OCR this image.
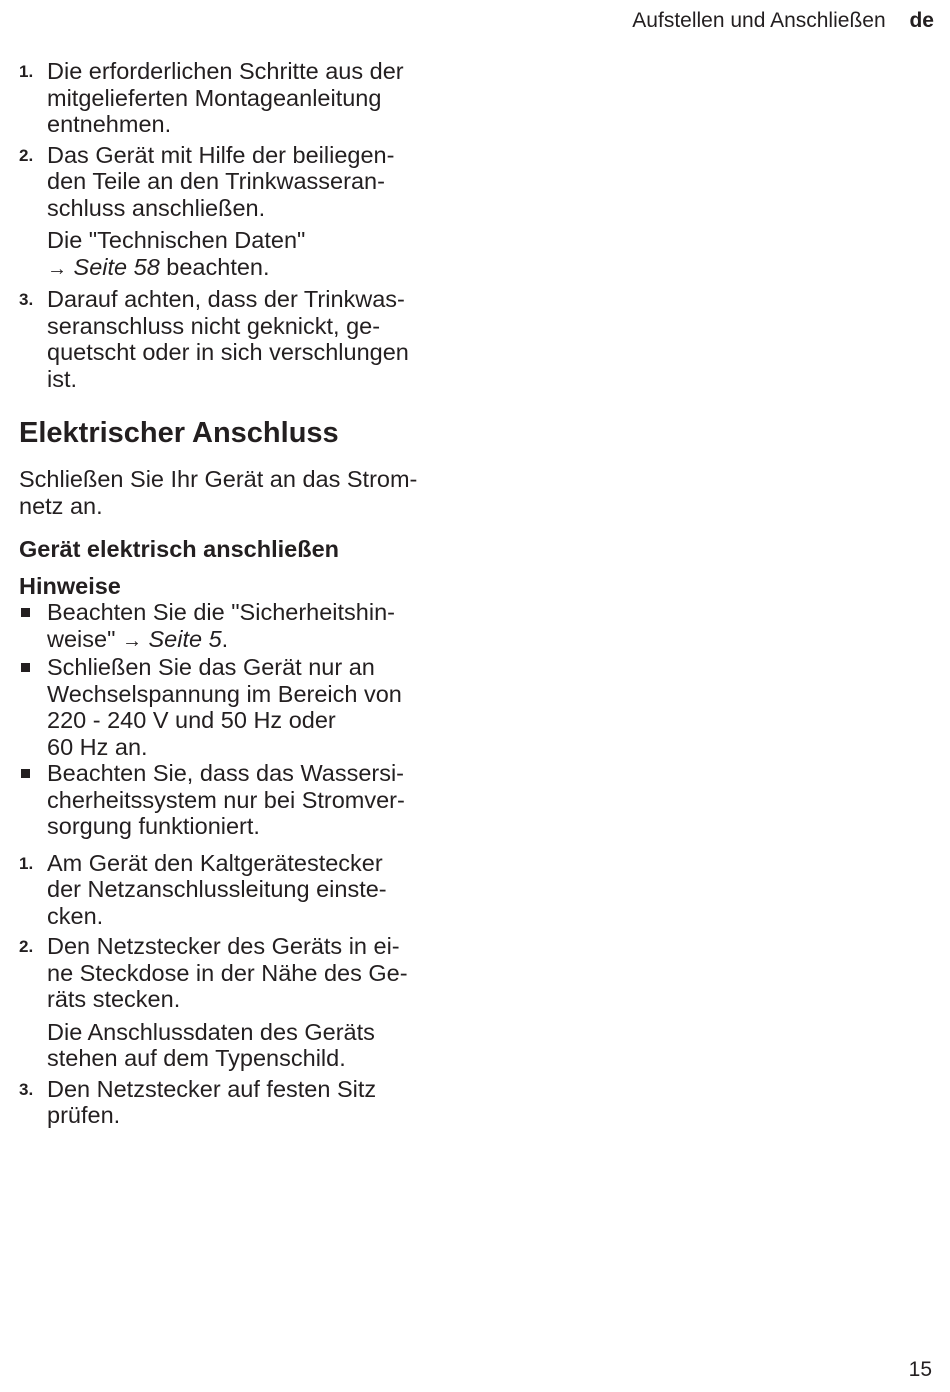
Aufstellen und Anschließen de
1. Die erforderlichen Schritte aus der
mitgelieferten Montageanleitung
entnehmen.
2. Das Gerät mit Hilfe der beiliegen-
den Teile an den Trinkwasseran-
schluss anschließen.
Die "Technischen Daten"
→ Seite 58 beachten.
3. Darauf achten, dass der Trinkwas-
seranschluss nicht geknickt, ge-
quetscht oder in sich verschlungen
ist.
Elektrischer Anschluss

Schließen Sie Ihr Gerät an das Strom-
netz an.

Gerät elektrisch anschließen
Hinweise
Beachten Sie die "Sicherheitshin-
weise" → Seite 5.
Schließen Sie das Gerät nur an
Wechselspannung im Bereich von
220 - 240 V und 50 Hz oder
60 Hz an.
Beachten Sie, dass das Wassersi-
cherheitssystem nur bei Stromver-
sorgung funktioniert.
1. Am Gerät den Kaltgerätestecker
der Netzanschlussleitung einste-
cken.
2. Den Netzstecker des Geräts in ei-
ne Steckdose in der Nähe des Ge-
räts stecken.
Die Anschlussdaten des Geräts
stehen auf dem Typenschild.
3. Den Netzstecker auf festen Sitz
prüfen.
15
